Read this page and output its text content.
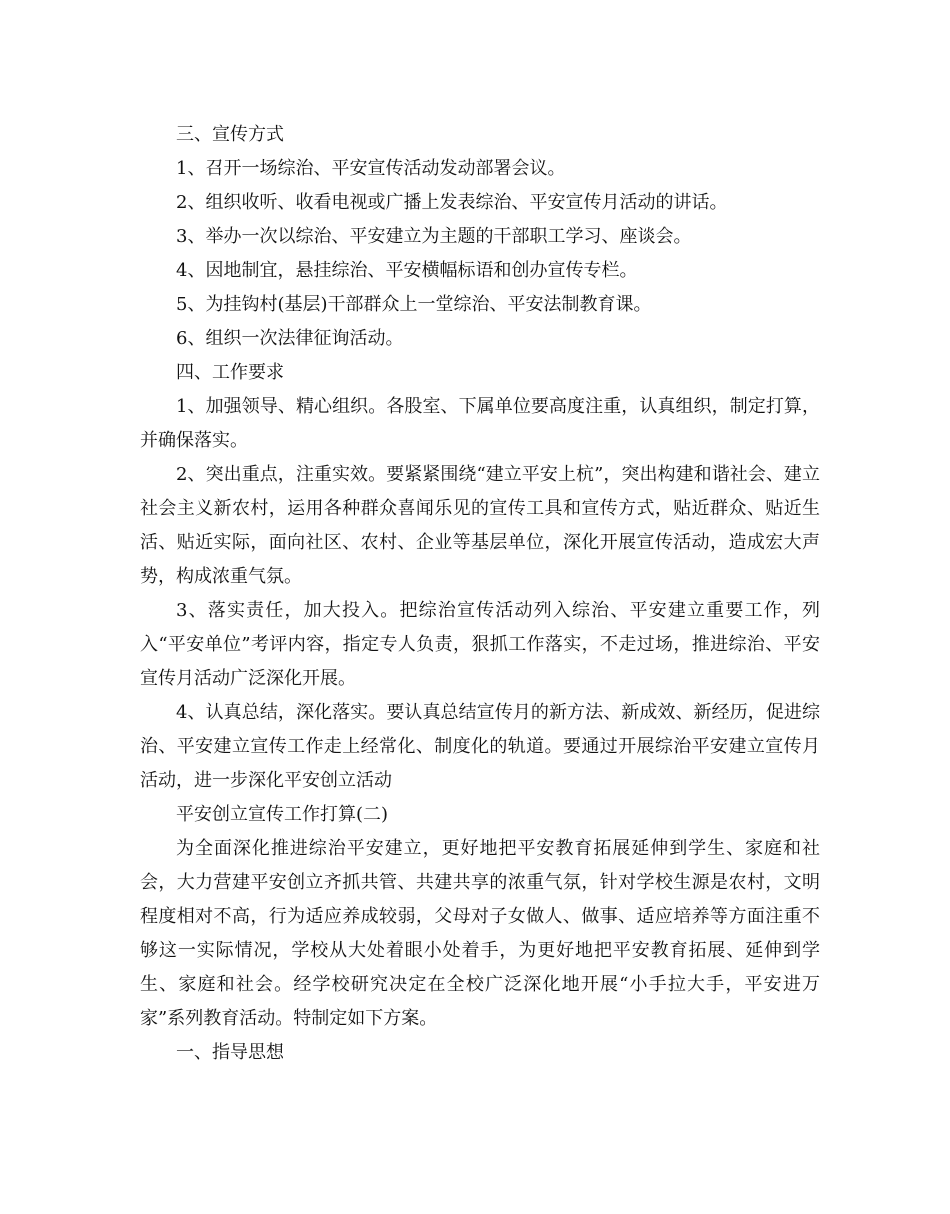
三、宣传方式

1、召开一场综治、平安宣传活动发动部署会议。

2、组织收听、收看电视或广播上发表综治、平安宣传月活动的讲话。

3、举办一次以综治、平安建立为主题的干部职工学习、座谈会。

4、因地制宜，悬挂综治、平安横幅标语和创办宣传专栏。

5、为挂钩村(基层)干部群众上一堂综治、平安法制教育课。

6、组织一次法律征询活动。

四、工作要求

1、加强领导、精心组织。各股室、下属单位要高度注重，认真组织，制定打算，并确保落实。

2、突出重点，注重实效。要紧紧围绕“建立平安上杭”，突出构建和谐社会、建立社会主义新农村，运用各种群众喜闻乐见的宣传工具和宣传方式，贴近群众、贴近生活、贴近实际，面向社区、农村、企业等基层单位，深化开展宣传活动，造成宏大声势，构成浓重气氛。

3、落实责任，加大投入。把综治宣传活动列入综治、平安建立重要工作，列入“平安单位”考评内容，指定专人负责，狠抓工作落实，不走过场，推进综治、平安宣传月活动广泛深化开展。

4、认真总结，深化落实。要认真总结宣传月的新方法、新成效、新经历，促进综治、平安建立宣传工作走上经常化、制度化的轨道。要通过开展综治平安建立宣传月活动，进一步深化平安创立活动

平安创立宣传工作打算(二)

为全面深化推进综治平安建立，更好地把平安教育拓展延伸到学生、家庭和社会，大力营建平安创立齐抓共管、共建共享的浓重气氛，针对学校生源是农村，文明程度相对不高，行为适应养成较弱，父母对子女做人、做事、适应培养等方面注重不够这一实际情况，学校从大处着眼小处着手，为更好地把平安教育拓展、延伸到学生、家庭和社会。经学校研究决定在全校广泛深化地开展“小手拉大手，平安进万家”系列教育活动。特制定如下方案。

一、指导思想
